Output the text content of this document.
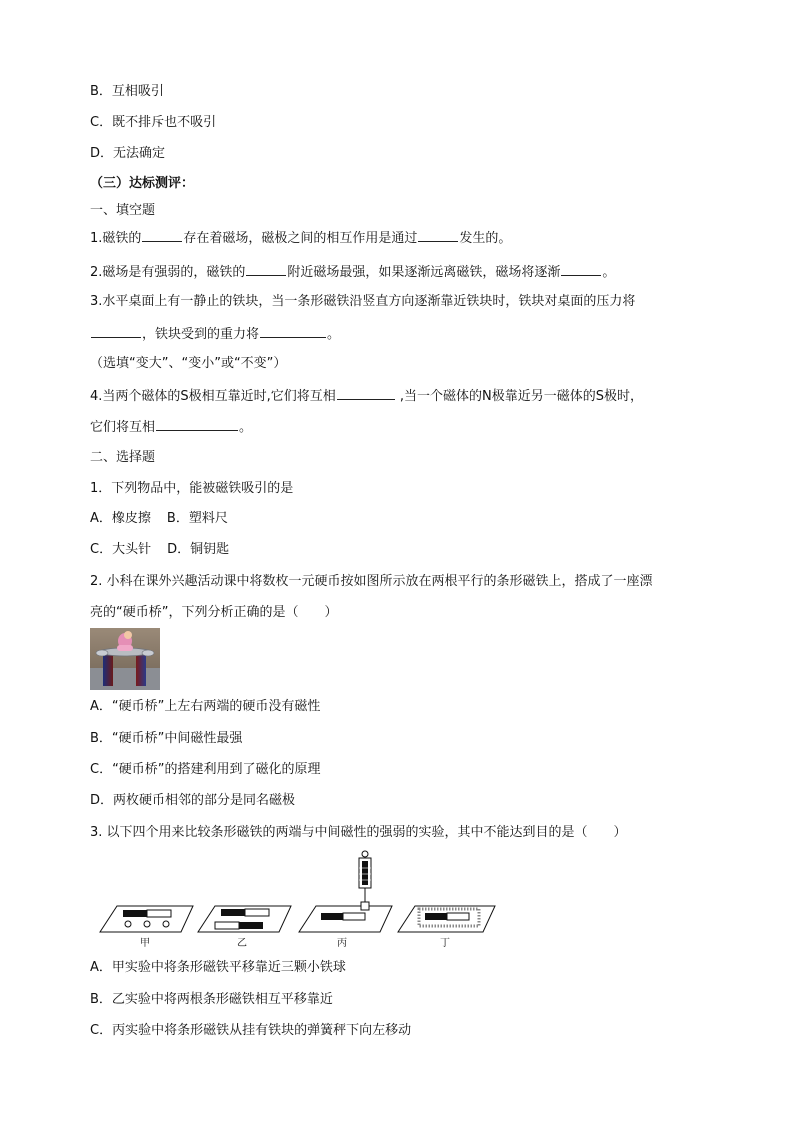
B．互相吸引
C．既不排斥也不吸引
D．无法确定
（三）达标测评：
一、填空题
1.磁铁的	存在着磁场，磁极之间的相互作用是通过	发生的。
2.磁场是有强弱的，磁铁的	附近磁场最强，如果逐渐远离磁铁，磁场将逐渐	。
3.水平桌面上有一静止的铁块，当一条形磁铁沿竖直方向逐渐靠近铁块时，铁块对桌面的压力将
，铁块受到的重力将	。
（选填“变大”、“变小”或“不变”）
4.当两个磁体的S极相互靠近时,它们将互相	,当一个磁体的N极靠近另一磁体的S极时，
它们将互相	。
二、选择题
1．下列物品中，能被磁铁吸引的是
A．橡皮擦 B．塑料尺
C．大头针 D．铜钥匙
2. 小科在课外兴趣活动课中将数枚一元硬币按如图所示放在两根平行的条形磁铁上，搭成了一座漂
亮的“硬币桥”，下列分析正确的是（　　）
A．“硬币桥”上左右两端的硬币没有磁性
B．“硬币桥”中间磁性最强
C．“硬币桥”的搭建利用到了磁化的原理
D．两枚硬币相邻的部分是同名磁极
3. 以下四个用来比较条形磁铁的两端与中间磁性的强弱的实验，其中不能达到目的是（　　）
甲	乙	丙	丁
A．甲实验中将条形磁铁平移靠近三颗小铁球
B．乙实验中将两根条形磁铁相互平移靠近
C．丙实验中将条形磁铁从挂有铁块的弹簧秤下向左移动
